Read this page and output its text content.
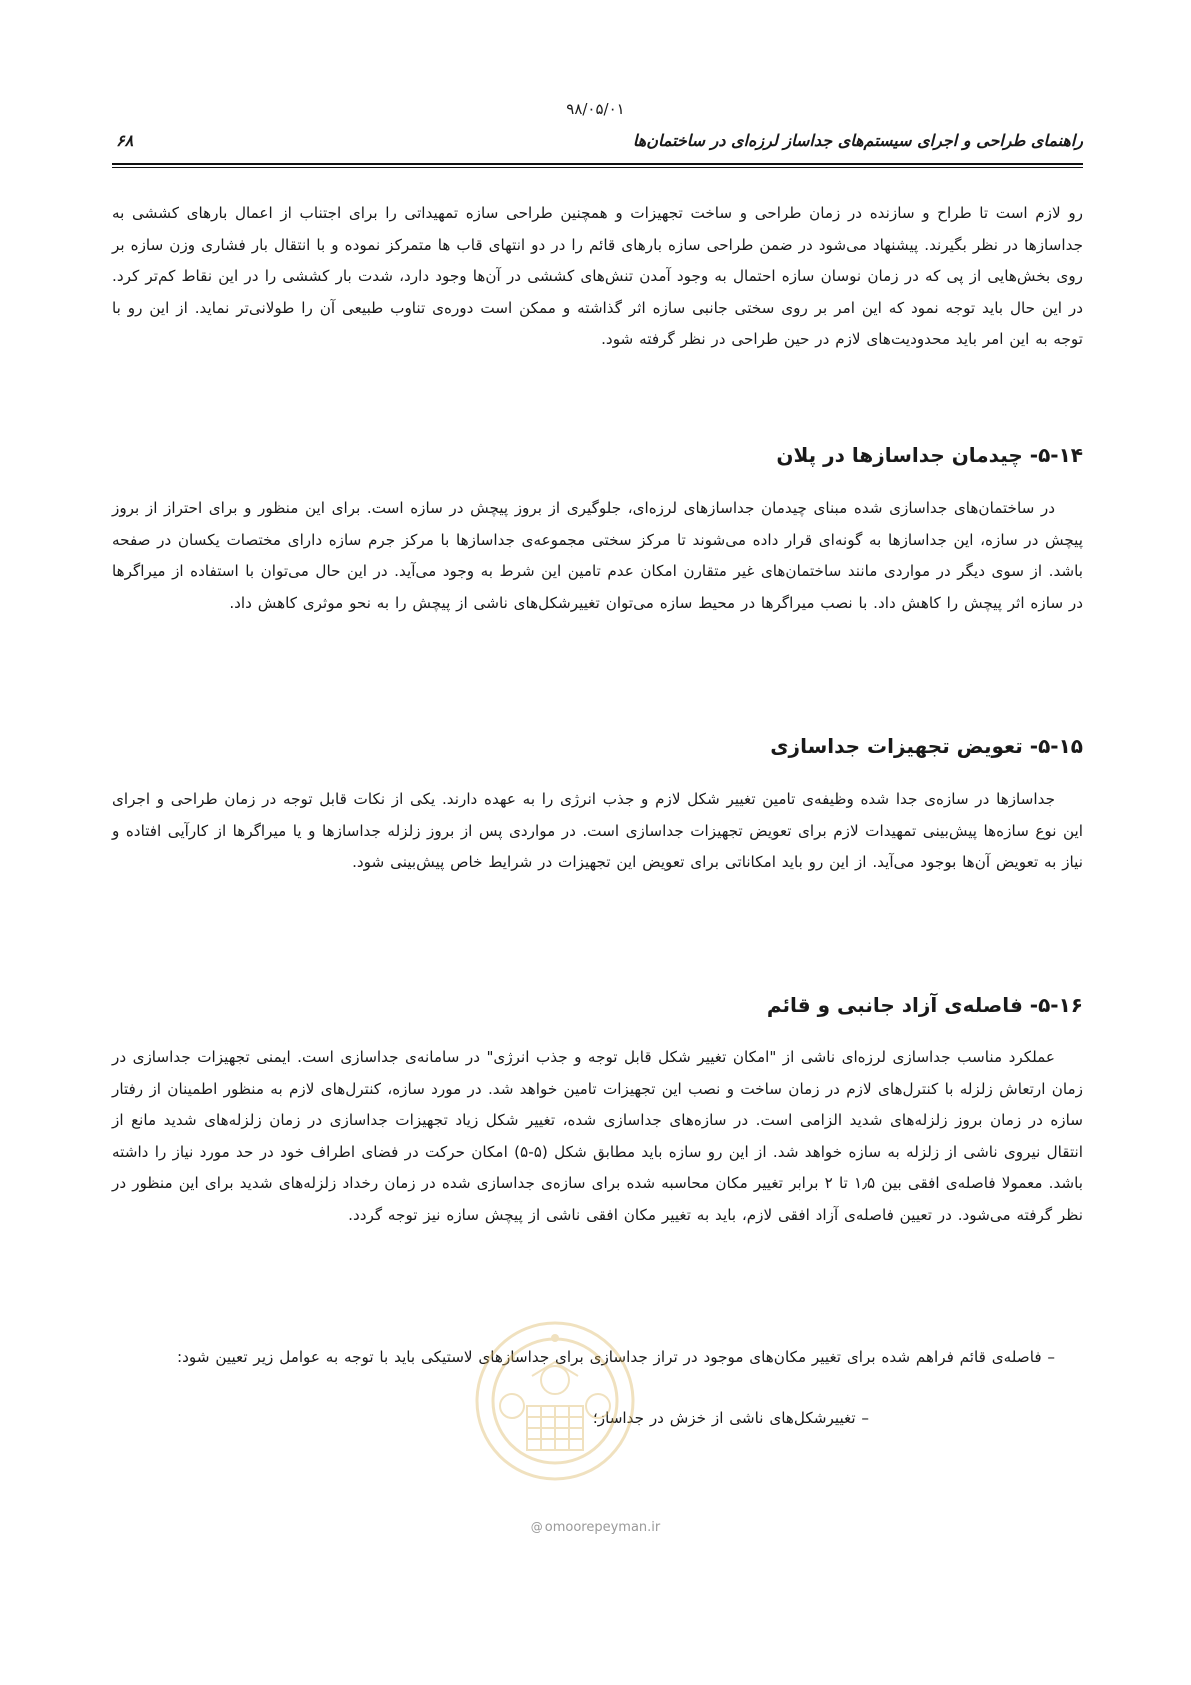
۹۸/۰۵/۰۱
راهنمای طراحی و اجرای سیستم‌های جداساز لرزه‌ای در ساختمان‌ها
۶۸

رو لازم است تا طراح و سازنده در زمان طراحی و ساخت تجهیزات و همچنین طراحی سازه تمهیداتی را برای اجتناب از اعمال بارهای کششی به جداسازها در نظر بگیرند. پیشنهاد می‌شود در ضمن طراحی سازه بارهای قائم را در دو انتهای قاب ها متمرکز نموده و با انتقال بار فشاری وزن سازه بر روی بخش‌هایی از پی که در زمان نوسان سازه احتمال به وجود آمدن تنش‌های کششی در آن‌ها وجود دارد، شدت بار کششی را در این نقاط کم‌تر کرد. در این حال باید توجه نمود که این امر بر روی سختی جانبی سازه اثر گذاشته و ممکن است دوره‌ی تناوب طبیعی آن را طولانی‌تر نماید. از این رو با توجه به این امر باید محدودیت‌های لازم در حین طراحی در نظر گرفته شود.

۵-۱۴- چیدمان جداسازها در پلان

در ساختمان‌های جداسازی شده مبنای چیدمان جداسازهای لرزه‌ای، جلوگیری از بروز پیچش در سازه است. برای این منظور و برای احتراز از بروز پیچش در سازه، این جداسازها به گونه‌ای قرار داده می‌شوند تا مرکز سختی مجموعه‌ی جداسازها با مرکز جرم سازه دارای مختصات یکسان در صفحه باشد. از سوی دیگر در مواردی مانند ساختمان‌های غیر متقارن امکان عدم تامین این شرط به وجود می‌آید. در این حال می‌توان با استفاده از میراگرها در سازه اثر پیچش را کاهش داد. با نصب میراگرها در محیط سازه می‌توان تغییرشکل‌های ناشی از پیچش را به نحو موثری کاهش داد.

۵-۱۵- تعویض تجهیزات جداسازی

جداسازها در سازه‌ی جدا شده وظیفه‌ی تامین تغییر شکل لازم و جذب انرژی را به عهده دارند. یکی از نکات قابل توجه در زمان طراحی و اجرای این نوع سازه‌ها پیش‌بینی تمهیدات لازم برای تعویض تجهیزات جداسازی است. در مواردی پس از بروز زلزله جداسازها و یا میراگرها از کارآیی افتاده و نیاز به تعویض آن‌ها بوجود می‌آید. از این رو باید امکاناتی برای تعویض این تجهیزات در شرایط خاص پیش‌بینی شود.

۵-۱۶- فاصله‌ی آزاد جانبی و قائم

عملکرد مناسب جداسازی لرزه‌ای ناشی از "امکان تغییر شکل قابل توجه و جذب انرژی" در سامانه‌ی جداسازی است. ایمنی تجهیزات جداسازی در زمان ارتعاش زلزله با کنترل‌های لازم در زمان ساخت و نصب این تجهیزات تامین خواهد شد. در مورد سازه، کنترل‌های لازم به منظور اطمینان از رفتار سازه در زمان بروز زلزله‌های شدید الزامی است. در سازه‌های جداسازی شده، تغییر شکل زیاد تجهیزات جداسازی در زمان زلزله‌های شدید مانع از انتقال نیروی ناشی از زلزله به سازه خواهد شد. از این رو سازه باید مطابق شکل (۵-۵) امکان حرکت در فضای اطراف خود در حد مورد نیاز را داشته باشد. معمولا فاصله‌ی افقی بین ۱٫۵ تا ۲ برابر تغییر مکان محاسبه شده برای سازه‌ی جداسازی شده در زمان رخداد زلزله‌های شدید برای این منظور در نظر گرفته می‌شود. در تعیین فاصله‌ی آزاد افقی لازم، باید به تغییر مکان افقی ناشی از پیچش سازه نیز توجه گردد.

– فاصله‌ی قائم فراهم شده برای تغییر مکان‌های موجود در تراز جداسازی برای جداسازهای لاستیکی باید با توجه به عوامل زیر تعیین شود:

– تغییرشکل‌های ناشی از خزش در جداساز؛

@ omoorepeyman.ir
